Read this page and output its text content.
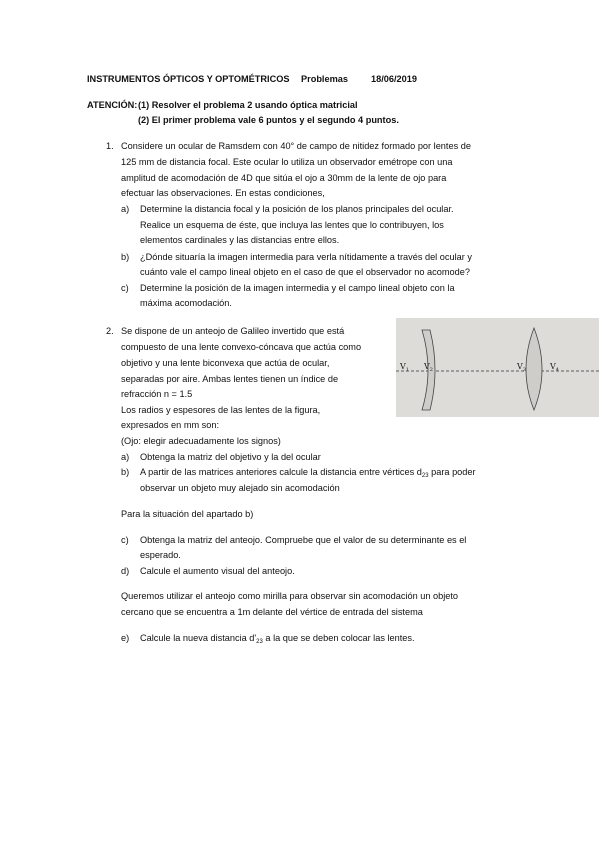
INSTRUMENTOS ÓPTICOS Y OPTOMÉTRICOS Problemas	18/06/2019
ATENCIÓN: (1) Resolver el problema 2 usando óptica matricial
(2) El primer problema vale 6 puntos y el segundo 4 puntos.
1. Considere un ocular de Ramsdem con 40° de campo de nitidez formado por lentes de
125 mm de distancia focal. Este ocular lo utiliza un observador emétrope con una
amplitud de acomodación de 4D que sitúa el ojo a 30mm de la lente de ojo para
efectuar las observaciones. En estas condiciones,
a) Determine la distancia focal y la posición de los planos principales del ocular.
Realice un esquema de éste, que incluya las lentes que lo contribuyen, los
elementos cardinales y las distancias entre ellos.
b) ¿Dónde situaría la imagen intermedia para verla nítidamente a través del ocular y
cuánto vale el campo lineal objeto en el caso de que el observador no acomode?
c) Determine la posición de la imagen intermedia y el campo lineal objeto con la
máxima acomodación.
2. Se dispone de un anteojo de Galileo invertido que está
compuesto de una lente convexo-cóncava que actúa como
objetivo y una lente biconvexa que actúa de ocular,
separadas por aire. Ambas lentes tienen un índice de
refracción n = 1.5
Los radios y espesores de las lentes de la figura,
expresados en mm son:
(Ojo: elegir adecuadamente los signos)
a) Obtenga la matriz del objetivo y la del ocular
b) A partir de las matrices anteriores calcule la distancia entre vértices $d_{23}$ para poder
observar un objeto muy alejado sin acomodación
Para la situación del apartado b)
c) Obtenga la matriz del anteojo. Compruebe que el valor de su determinante es el
esperado.
d) Calcule el aumento visual del anteojo.
Queremos utilizar el anteojo como mirilla para observar sin acomodación un objeto
cercano que se encuentra a 1m delante del vértice de entrada del sistema
e) Calcule la nueva distancia $d'_{23}$ a la que se deben colocar las lentes.
$V_1$ $V_2$	$V_3$	$V_4$
